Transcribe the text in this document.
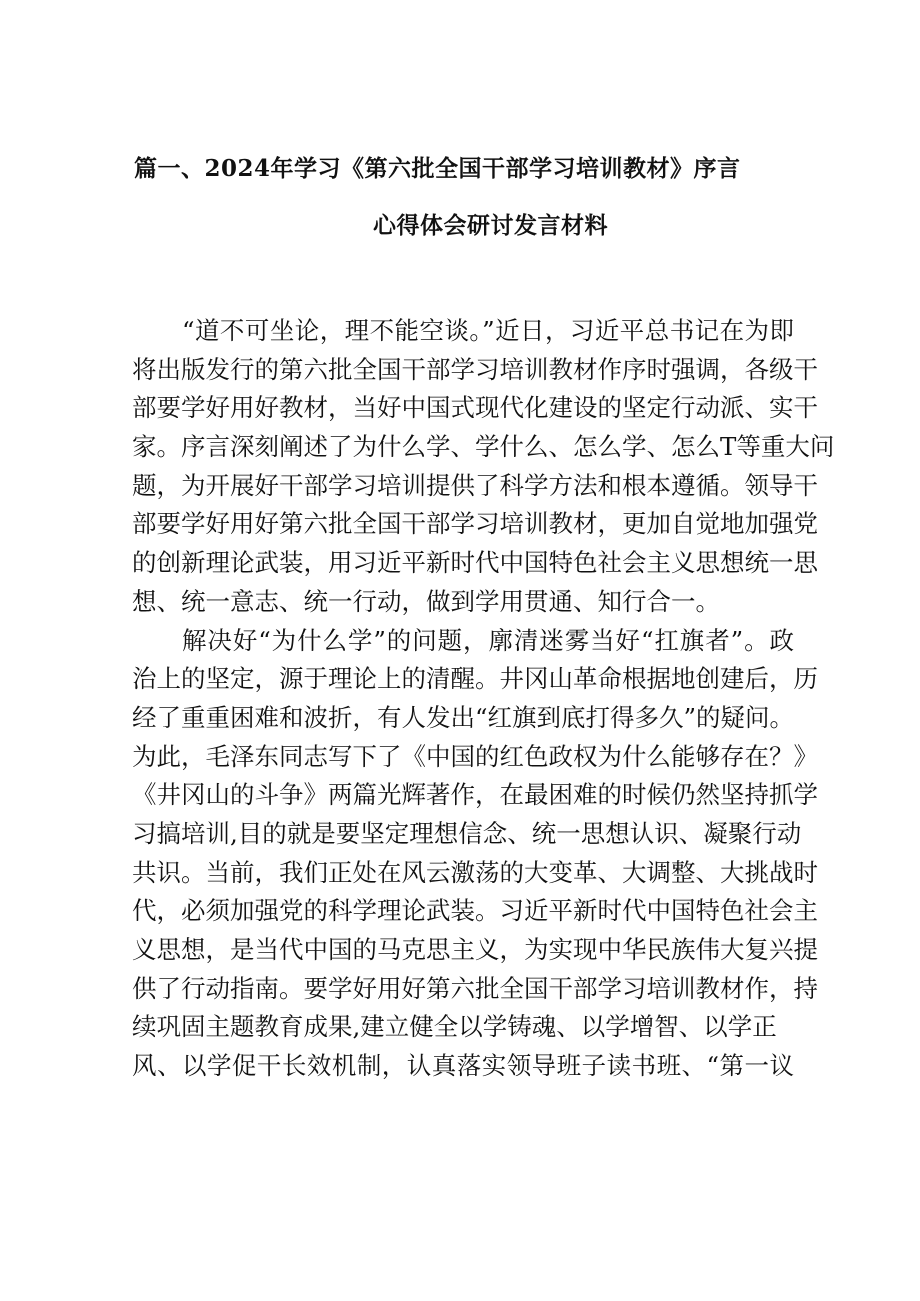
篇一、2024年学习《第六批全国干部学习培训教材》序言
心得体会研讨发言材料
“道不可坐论，理不能空谈。”近日，习近平总书记在为即
将出版发行的第六批全国干部学习培训教材作序时强调，各级干
部要学好用好教材，当好中国式现代化建设的坚定行动派、实干
家。序言深刻阐述了为什么学、学什么、怎么学、怎么T等重大问
题，为开展好干部学习培训提供了科学方法和根本遵循。领导干
部要学好用好第六批全国干部学习培训教材，更加自觉地加强党
的创新理论武装，用习近平新时代中国特色社会主义思想统一思
想、统一意志、统一行动，做到学用贯通、知行合一。
解决好“为什么学”的问题，廓清迷雾当好“扛旗者”。政
治上的坚定，源于理论上的清醒。井冈山革命根据地创建后，历
经了重重困难和波折，有人发出“红旗到底打得多久”的疑问。
为此，毛泽东同志写下了《中国的红色政权为什么能够存在？》
《井冈山的斗争》两篇光辉著作，在最困难的时候仍然坚持抓学
习搞培训,目的就是要坚定理想信念、统一思想认识、凝聚行动
共识。当前，我们正处在风云激荡的大变革、大调整、大挑战时
代，必须加强党的科学理论武装。习近平新时代中国特色社会主
义思想，是当代中国的马克思主义，为实现中华民族伟大复兴提
供了行动指南。要学好用好第六批全国干部学习培训教材作，持
续巩固主题教育成果,建立健全以学铸魂、以学增智、以学正
风、以学促干长效机制，认真落实领导班子读书班、“第一议
